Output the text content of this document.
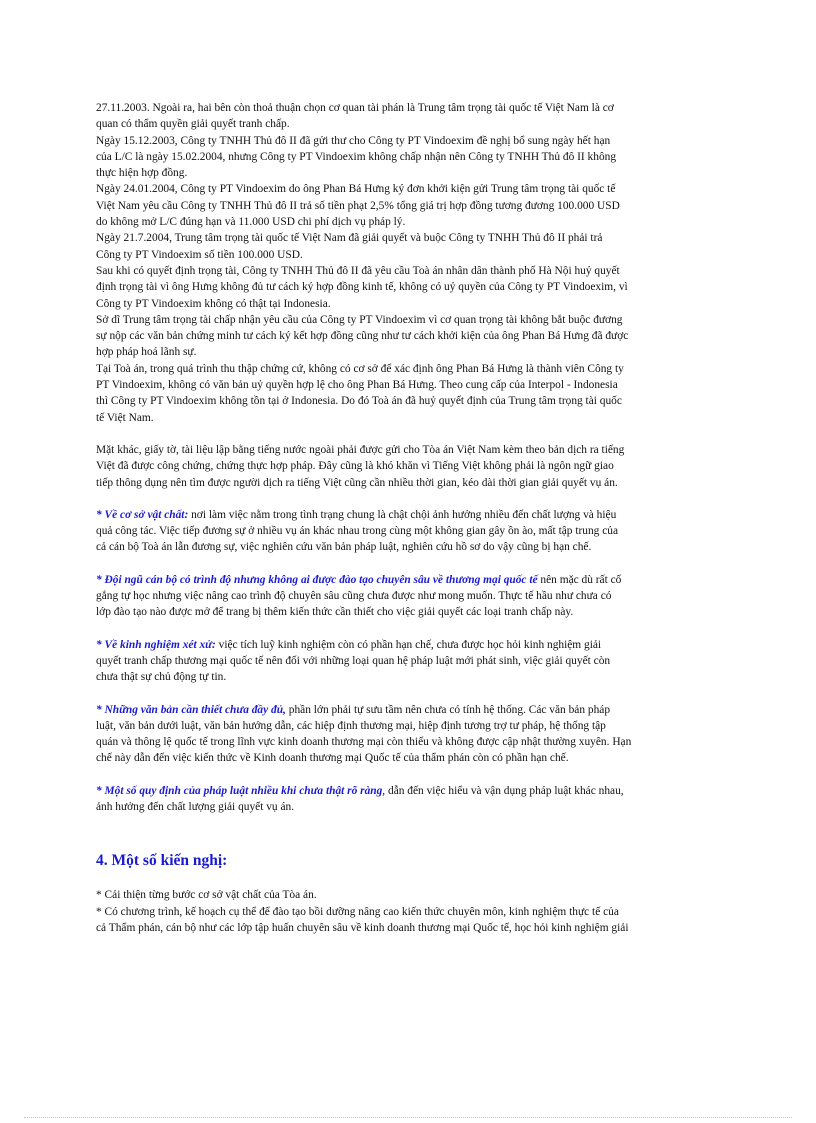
27.11.2003. Ngoài ra, hai bên còn thoả thuận chọn cơ quan tài phán là Trung tâm trọng tài quốc tế Việt Nam là cơ

quan có thẩm quyền giải quyết tranh chấp.

Ngày 15.12.2003, Công ty TNHH Thủ đô II đã gửi thư cho Công ty PT Vindoexim đề nghị bổ sung ngày hết hạn

của L/C là ngày 15.02.2004, nhưng Công ty PT Vindoexim không chấp nhận nên Công ty TNHH Thủ đô II không

thực hiện hợp đồng.

Ngày 24.01.2004, Công ty PT Vindoexim do ông Phan Bá Hưng ký đơn khởi kiện gửi Trung tâm trọng tài quốc tế

Việt Nam yêu cầu Công ty TNHH Thủ đô II trả số tiền phạt 2,5% tổng giá trị hợp đồng tương đương 100.000 USD

do không mở L/C đúng hạn và 11.000 USD chi phí dịch vụ pháp lý.

Ngày 21.7.2004, Trung tâm trọng tài quốc tế Việt Nam đã giải quyết và buộc Công ty TNHH Thủ đô II phải trả

Công ty PT Vindoexim số tiền 100.000 USD.

Sau khi có quyết định trọng tài, Công ty TNHH Thủ đô II đã yêu cầu Toà án nhân dân thành phố Hà Nội huỷ quyết

định trọng tài vì ông Hưng không đủ tư cách ký hợp đồng kinh tế, không có uỷ quyền của Công ty PT Vindoexim, vì

Công ty PT Vindoexim không có thật tại Indonesia.

Sở dĩ Trung tâm trọng tài chấp nhận yêu cầu của Công ty PT Vindoexim vì cơ quan trọng tài không bắt buộc đương

sự nộp các văn bản chứng minh tư cách ký kết hợp đồng cũng như tư cách khởi kiện của ông Phan Bá Hưng đã được

hợp pháp hoá lãnh sự.

Tại Toà án, trong quá trình thu thập chứng cứ, không có cơ sở để xác định ông Phan Bá Hưng là thành viên Công ty

PT Vindoexim, không có văn bản uỷ quyền hợp lệ cho ông Phan Bá Hưng. Theo cung cấp của Interpol - Indonesia

thì Công ty PT Vindoexim không tồn tại ở Indonesia. Do đó Toà án đã huỷ quyết định của Trung tâm trọng tài quốc

tế Việt Nam.

Mặt khác, giấy tờ, tài liệu lập bằng tiếng nước ngoài phải được gửi cho Tòa án Việt Nam kèm theo bản dịch ra tiếng

Việt đã được công chứng, chứng thực hợp pháp. Đây cũng là khó khăn vì Tiếng Việt không phải là ngôn ngữ giao

tiếp thông dụng nên tìm được người dịch ra tiếng Việt cũng cần nhiều thời gian, kéo dài thời gian giải quyết vụ án.

* Về cơ sở vật chất: nơi làm việc nằm trong tình trạng chung là chật chội ảnh hưởng nhiều đến chất lượng và hiệu

quả công tác. Việc tiếp đương sự ở nhiều vụ án khác nhau trong cùng một không gian gây ồn ào, mất tập trung của

cả cán bộ Toà án lẫn đương sự, việc nghiên cứu văn bản pháp luật, nghiên cứu hồ sơ do vậy cũng bị hạn chế.

* Đội ngũ cán bộ có trình độ nhưng không ai được đào tạo chuyên sâu về thương mại quốc tế nên mặc dù rất cố

gắng tự học nhưng việc nâng cao trình độ chuyên sâu cũng chưa được như mong muốn. Thực tế hầu như chưa có

lớp đào tạo nào được mở để trang bị thêm kiến thức cần thiết cho việc giải quyết các loại tranh chấp này.

* Về kinh nghiệm xét xử: việc tích luỹ kinh nghiệm còn có phần hạn chế, chưa được học hỏi kinh nghiệm giải

quyết tranh chấp thương mại quốc tế nên đối với những loại quan hệ pháp luật mới phát sinh, việc giải quyết còn

chưa thật sự chủ động tự tin.

* Những văn bản cần thiết chưa đầy đủ, phần lớn phải tự sưu tầm nên chưa có tính hệ thống. Các văn bản pháp

luật, văn bản dưới luật, văn bản hướng dẫn, các hiệp định thương mại, hiệp định tương trợ tư pháp, hệ thống tập

quán và thông lệ quốc tế trong lĩnh vực kinh doanh thương mại còn thiếu và không được cập nhật thường xuyên. Hạn

chế này dẫn đến việc kiến thức về Kinh doanh thương mại Quốc tế của thẩm phán còn có phần hạn chế.

* Một số quy định của pháp luật nhiều khi chưa thật rõ ràng, dẫn đến việc hiểu và vận dụng pháp luật khác nhau,

ảnh hưởng đến chất lượng giải quyết vụ án.

4. Một số kiến nghị:

* Cải thiện từng bước cơ sở vật chất của Tòa án.

* Có chương trình, kế hoạch cụ thể để đào tạo bồi dưỡng nâng cao kiến thức chuyên môn, kinh nghiệm thực tế của

cả Thẩm phán, cán bộ như các lớp tập huấn chuyên sâu về kinh doanh thương mại Quốc tế, học hỏi kinh nghiệm giải
